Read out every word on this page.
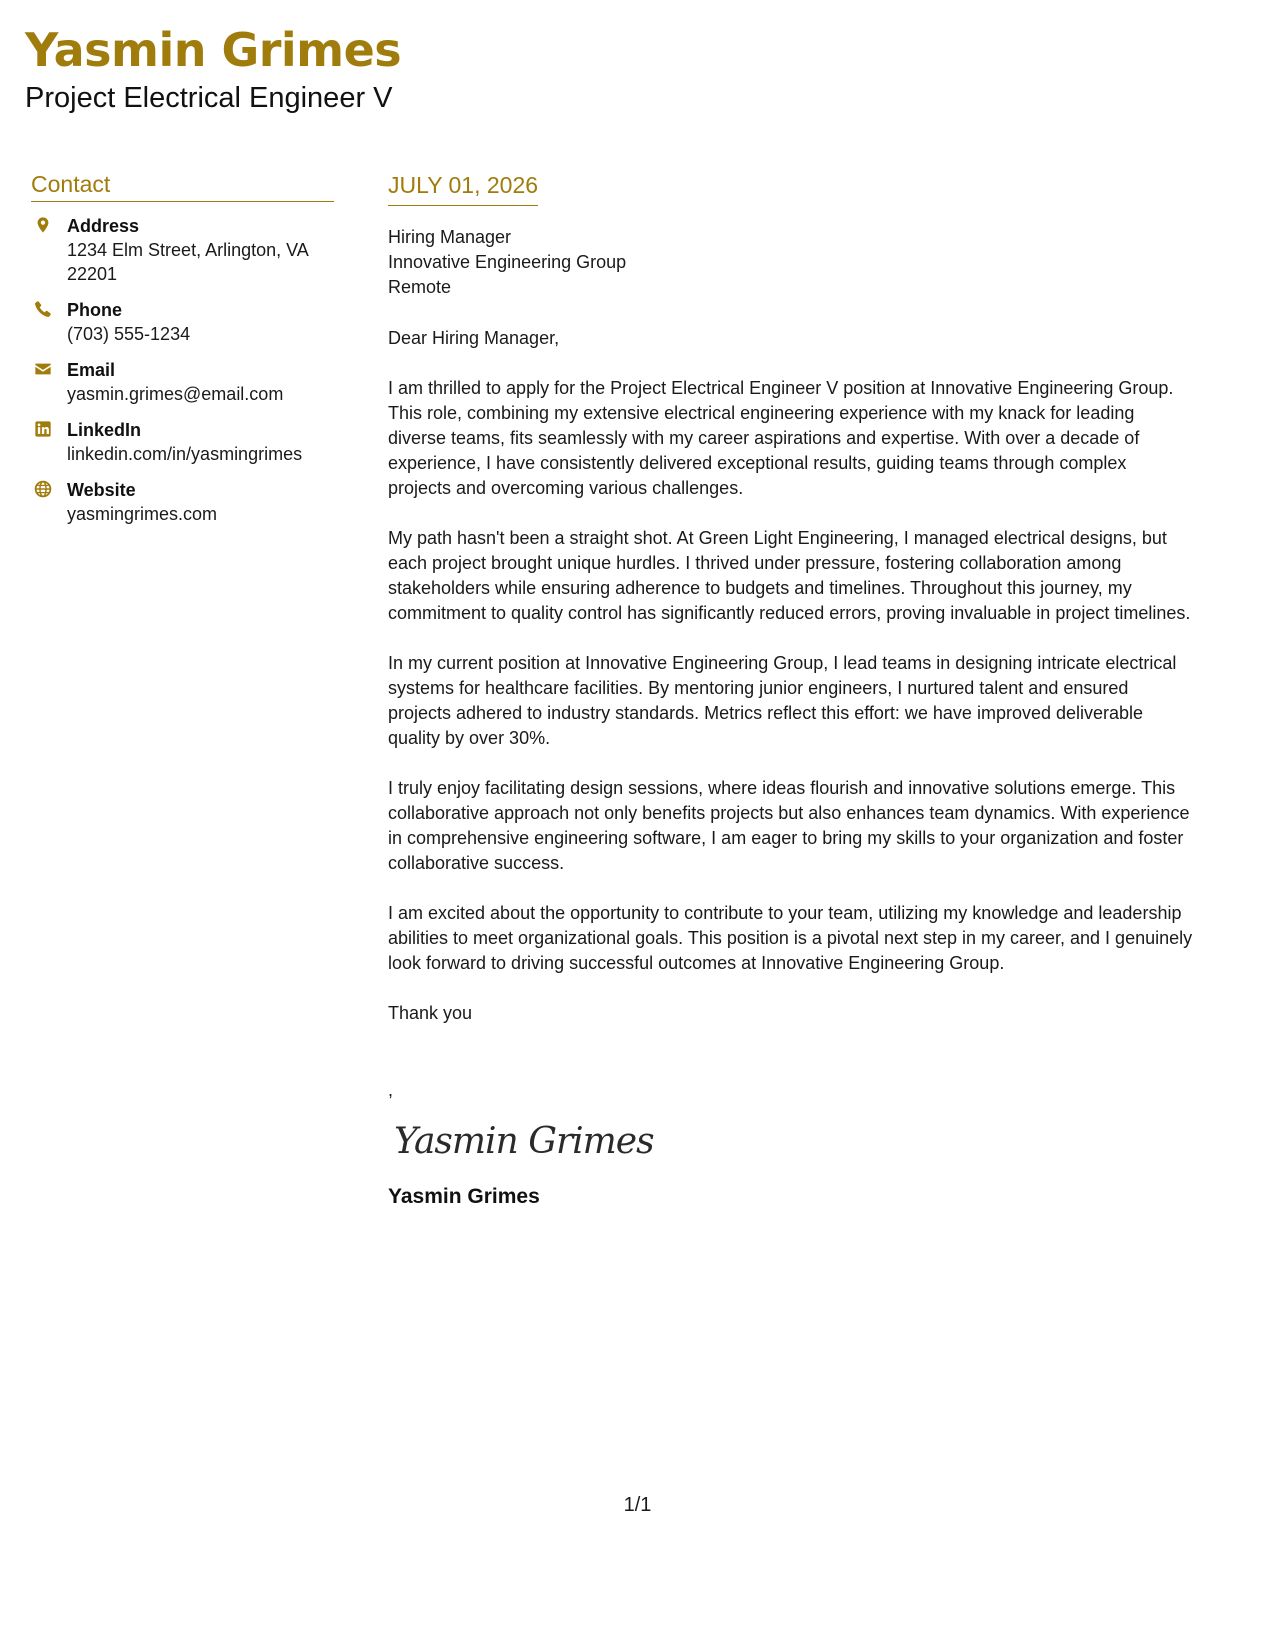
Yasmin Grimes
Project Electrical Engineer V
Contact
Address
1234 Elm Street, Arlington, VA 22201
Phone
(703) 555-1234
Email
yasmin.grimes@email.com
LinkedIn
linkedin.com/in/yasmingrimes
Website
yasmingrimes.com
JULY 01, 2026
Hiring Manager
Innovative Engineering Group
Remote
Dear Hiring Manager,

I am thrilled to apply for the Project Electrical Engineer V position at Innovative Engineering Group. This role, combining my extensive electrical engineering experience with my knack for leading diverse teams, fits seamlessly with my career aspirations and expertise. With over a decade of experience, I have consistently delivered exceptional results, guiding teams through complex projects and overcoming various challenges.

My path hasn't been a straight shot. At Green Light Engineering, I managed electrical designs, but each project brought unique hurdles. I thrived under pressure, fostering collaboration among stakeholders while ensuring adherence to budgets and timelines. Throughout this journey, my commitment to quality control has significantly reduced errors, proving invaluable in project timelines.

In my current position at Innovative Engineering Group, I lead teams in designing intricate electrical systems for healthcare facilities. By mentoring junior engineers, I nurtured talent and ensured projects adhered to industry standards. Metrics reflect this effort: we have improved deliverable quality by over 30%.

I truly enjoy facilitating design sessions, where ideas flourish and innovative solutions emerge. This collaborative approach not only benefits projects but also enhances team dynamics. With experience in comprehensive engineering software, I am eager to bring my skills to your organization and foster collaborative success.

I am excited about the opportunity to contribute to your team, utilizing my knowledge and leadership abilities to meet organizational goals. This position is a pivotal next step in my career, and I genuinely look forward to driving successful outcomes at Innovative Engineering Group.

Thank you
,
Yasmin Grimes
Yasmin Grimes
1/1
